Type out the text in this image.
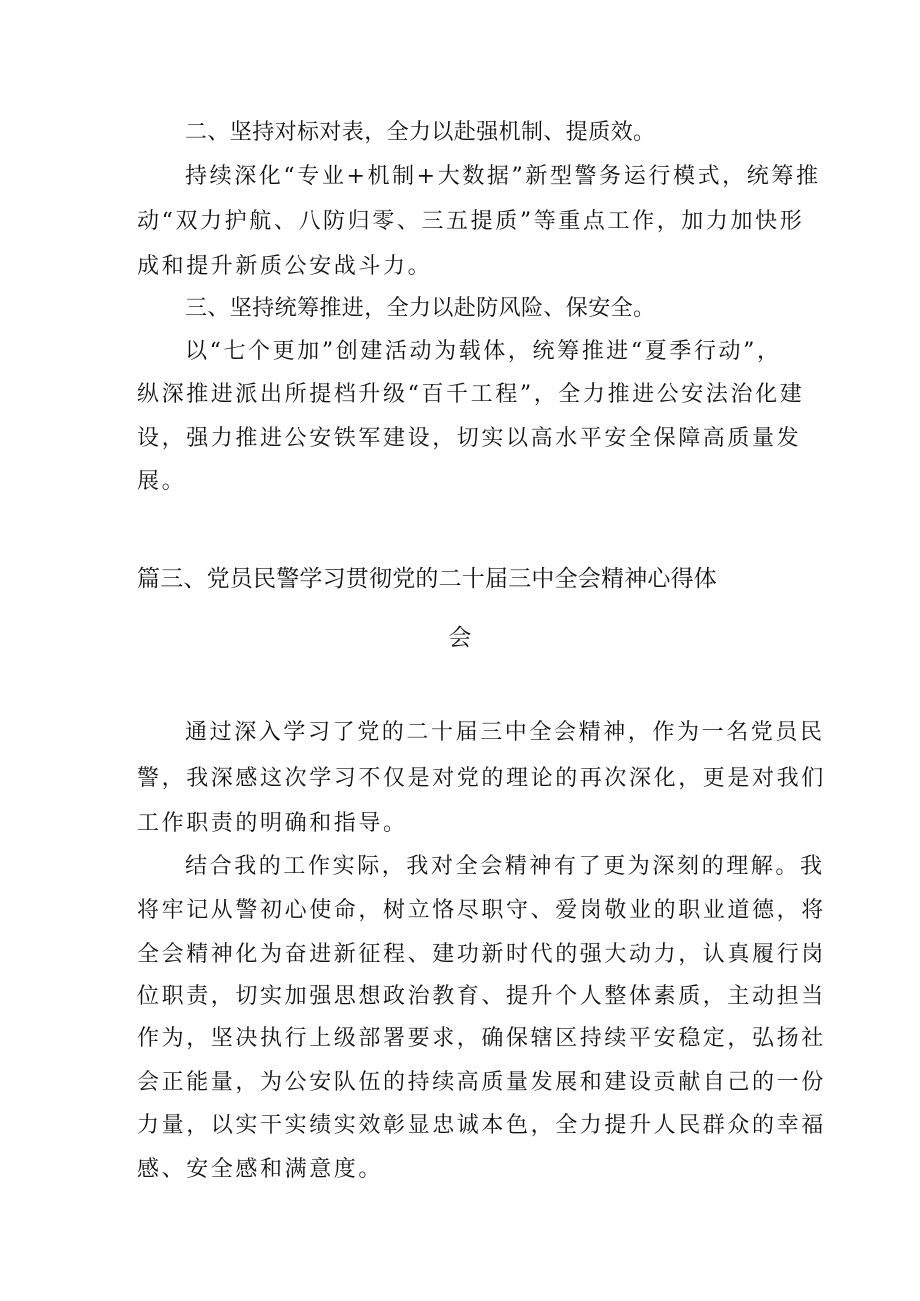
二、坚持对标对表，全力以赴强机制、提质效。
持续深化“专业+机制+大数据”新型警务运行模式，统筹推
动“双力护航、八防归零、三五提质”等重点工作，加力加快形
成和提升新质公安战斗力。
三、坚持统筹推进，全力以赴防风险、保安全。
以“七个更加”创建活动为载体，统筹推进“夏季行动”，
纵深推进派出所提档升级“百千工程”，全力推进公安法治化建
设，强力推进公安铁军建设，切实以高水平安全保障高质量发
展。
篇三、党员民警学习贯彻党的二十届三中全会精神心得体
会
通过深入学习了党的二十届三中全会精神，作为一名党员民
警，我深感这次学习不仅是对党的理论的再次深化，更是对我们
工作职责的明确和指导。
结合我的工作实际，我对全会精神有了更为深刻的理解。我
将牢记从警初心使命，树立恪尽职守、爱岗敬业的职业道德，将
全会精神化为奋进新征程、建功新时代的强大动力，认真履行岗
位职责，切实加强思想政治教育、提升个人整体素质，主动担当
作为，坚决执行上级部署要求，确保辖区持续平安稳定，弘扬社
会正能量，为公安队伍的持续高质量发展和建设贡献自己的一份
力量，以实干实绩实效彰显忠诚本色，全力提升人民群众的幸福
感、安全感和满意度。
